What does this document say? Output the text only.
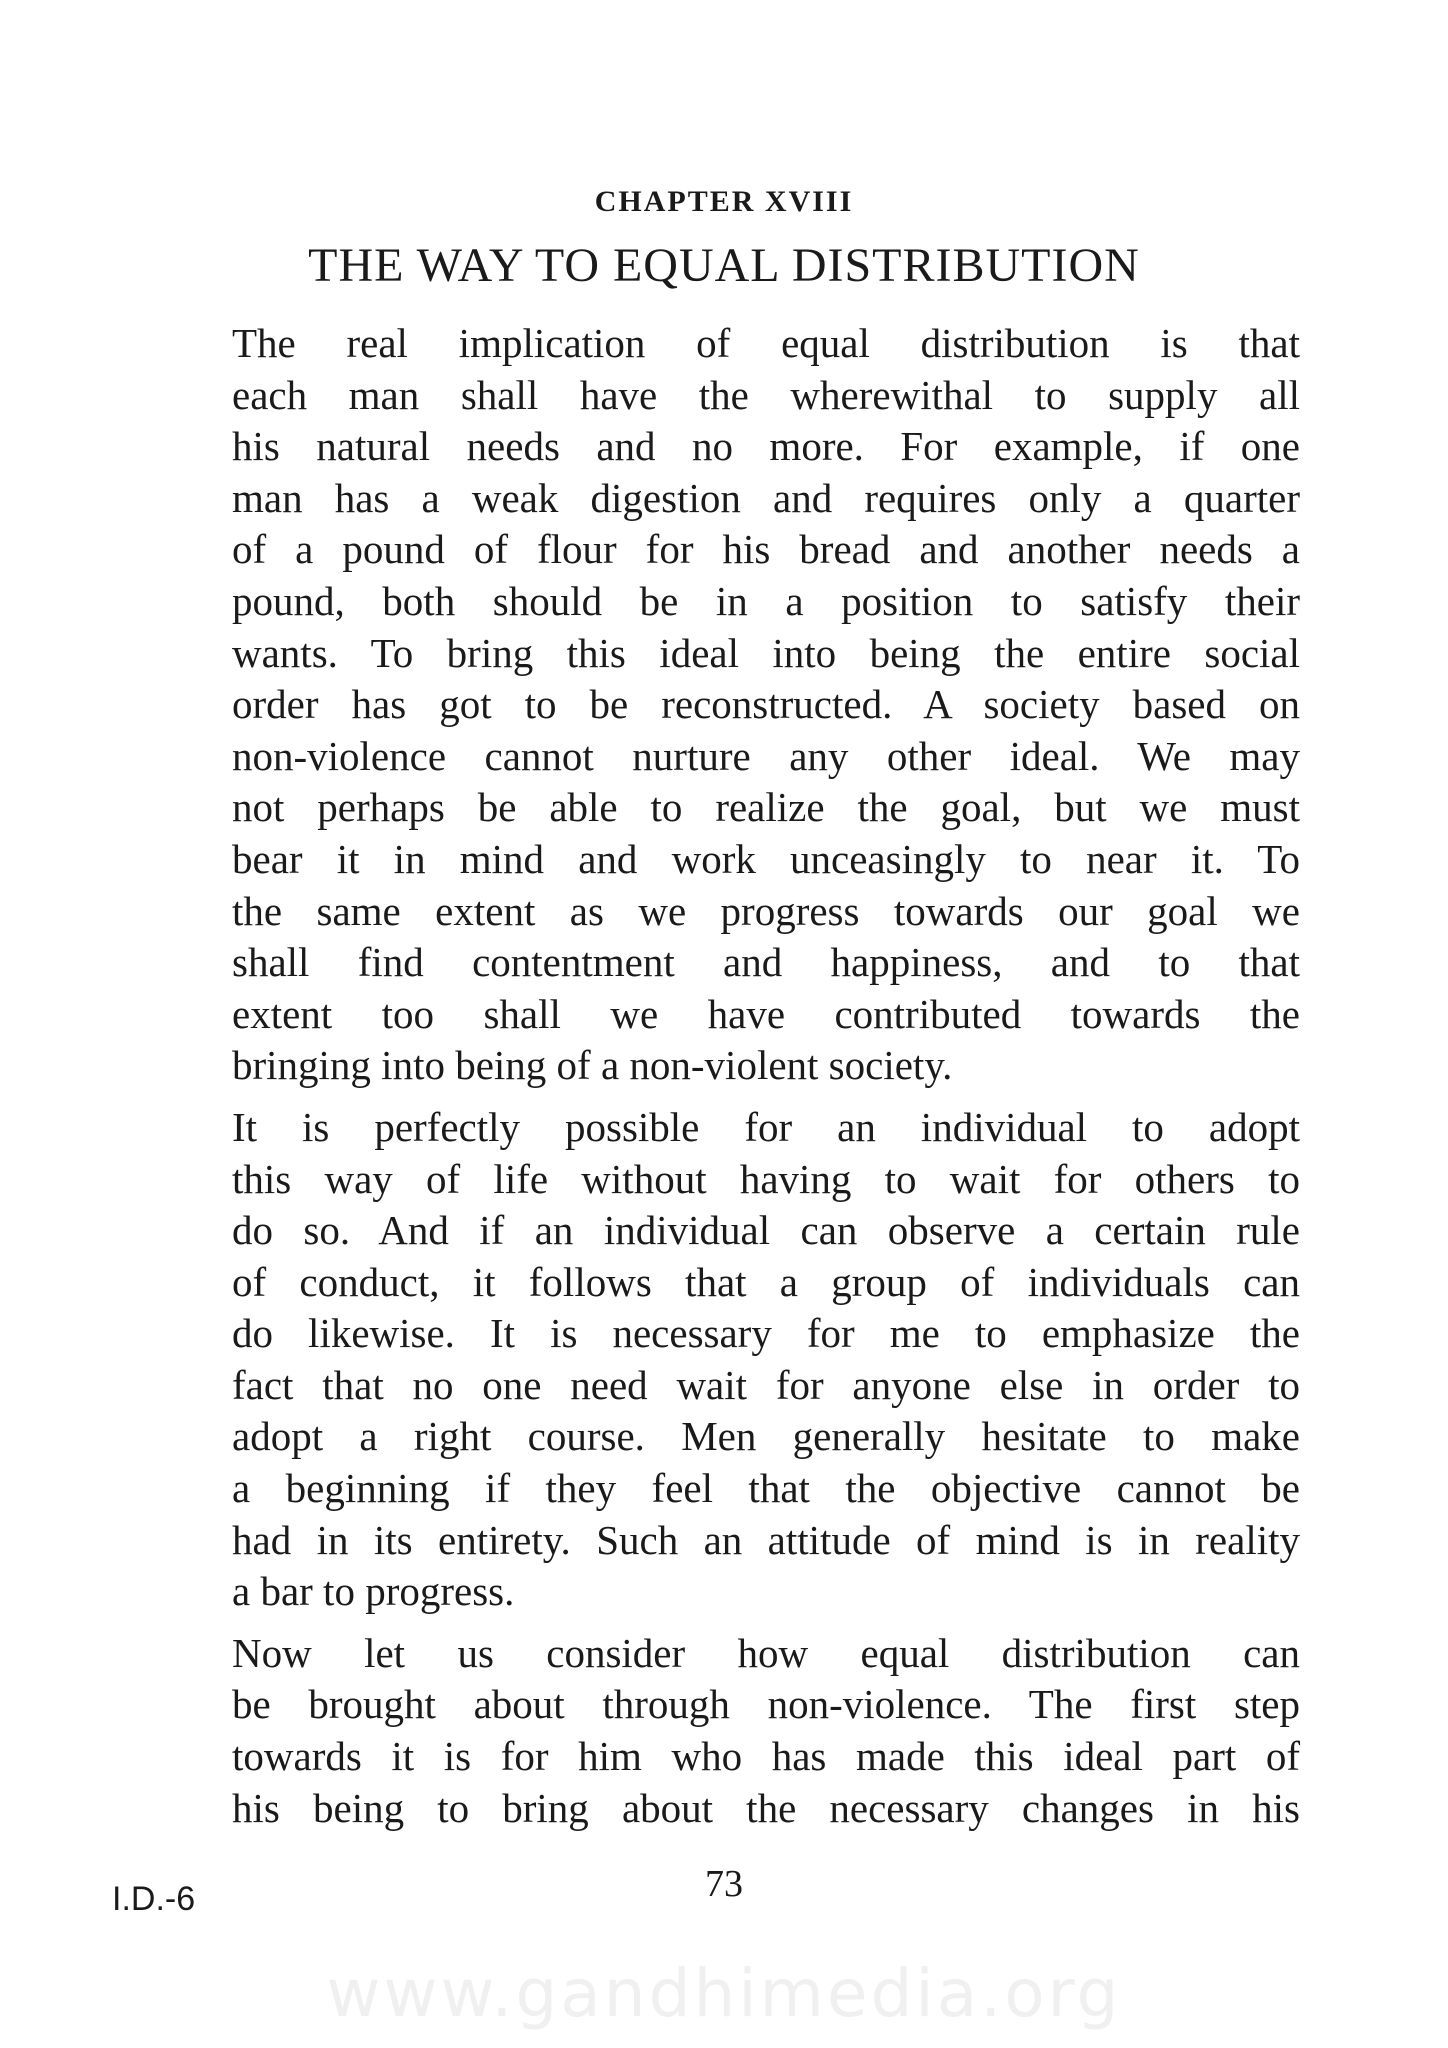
CHAPTER XVIII
THE WAY TO EQUAL DISTRIBUTION

The real implication of equal distribution is that
each man shall have the wherewithal to supply all
his natural needs and no more. For example, if one
man has a weak digestion and requires only a quarter
of a pound of flour for his bread and another needs a
pound, both should be in a position to satisfy their
wants. To bring this ideal into being the entire social
order has got to be reconstructed. A society based on
non-violence cannot nurture any other ideal. We may
not perhaps be able to realize the goal, but we must
bear it in mind and work unceasingly to near it. To
the same extent as we progress towards our goal we
shall find contentment and happiness, and to that
extent too shall we have contributed towards the
bringing into being of a non-violent society.

It is perfectly possible for an individual to adopt
this way of life without having to wait for others to
do so. And if an individual can observe a certain rule
of conduct, it follows that a group of individuals can
do likewise. It is necessary for me to emphasize the
fact that no one need wait for anyone else in order to
adopt a right course. Men generally hesitate to make
a beginning if they feel that the objective cannot be
had in its entirety. Such an attitude of mind is in reality
a bar to progress.

Now let us consider how equal distribution can
be brought about through non-violence. The first step
towards it is for him who has made this ideal part of
his being to bring about the necessary changes in his

73
I.D.-6
www.gandhimedia.org
